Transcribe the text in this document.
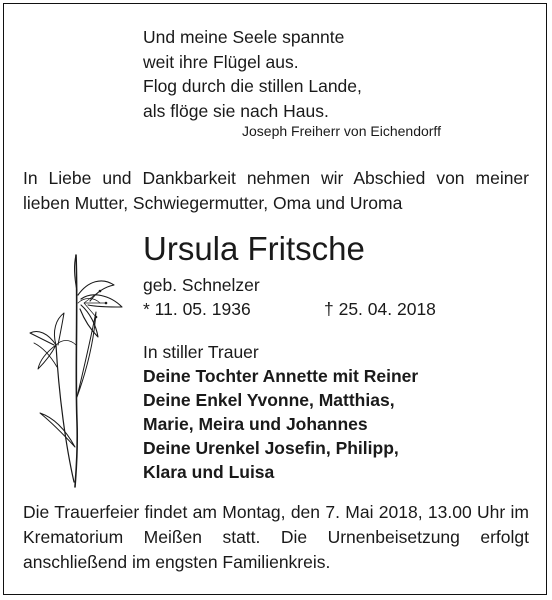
Und meine Seele spannte
weit ihre Flügel aus.
Flog durch die stillen Lande,
als flöge sie nach Haus.
Joseph Freiherr von Eichendorff
In Liebe und Dankbarkeit nehmen wir Abschied von meiner lieben Mutter, Schwiegermutter, Oma und Uroma
Ursula Fritsche
geb. Schnelzer
* 11. 05. 1936	† 25. 04. 2018
In stiller Trauer
Deine Tochter Annette mit Reiner
Deine Enkel Yvonne, Matthias,
Marie, Meira und Johannes
Deine Urenkel Josefin, Philipp,
Klara und Luisa
Die Trauerfeier findet am Montag, den 7. Mai 2018, 13.00 Uhr im Krematorium Meißen statt. Die Urnenbeisetzung erfolgt anschließend im engsten Familienkreis.
